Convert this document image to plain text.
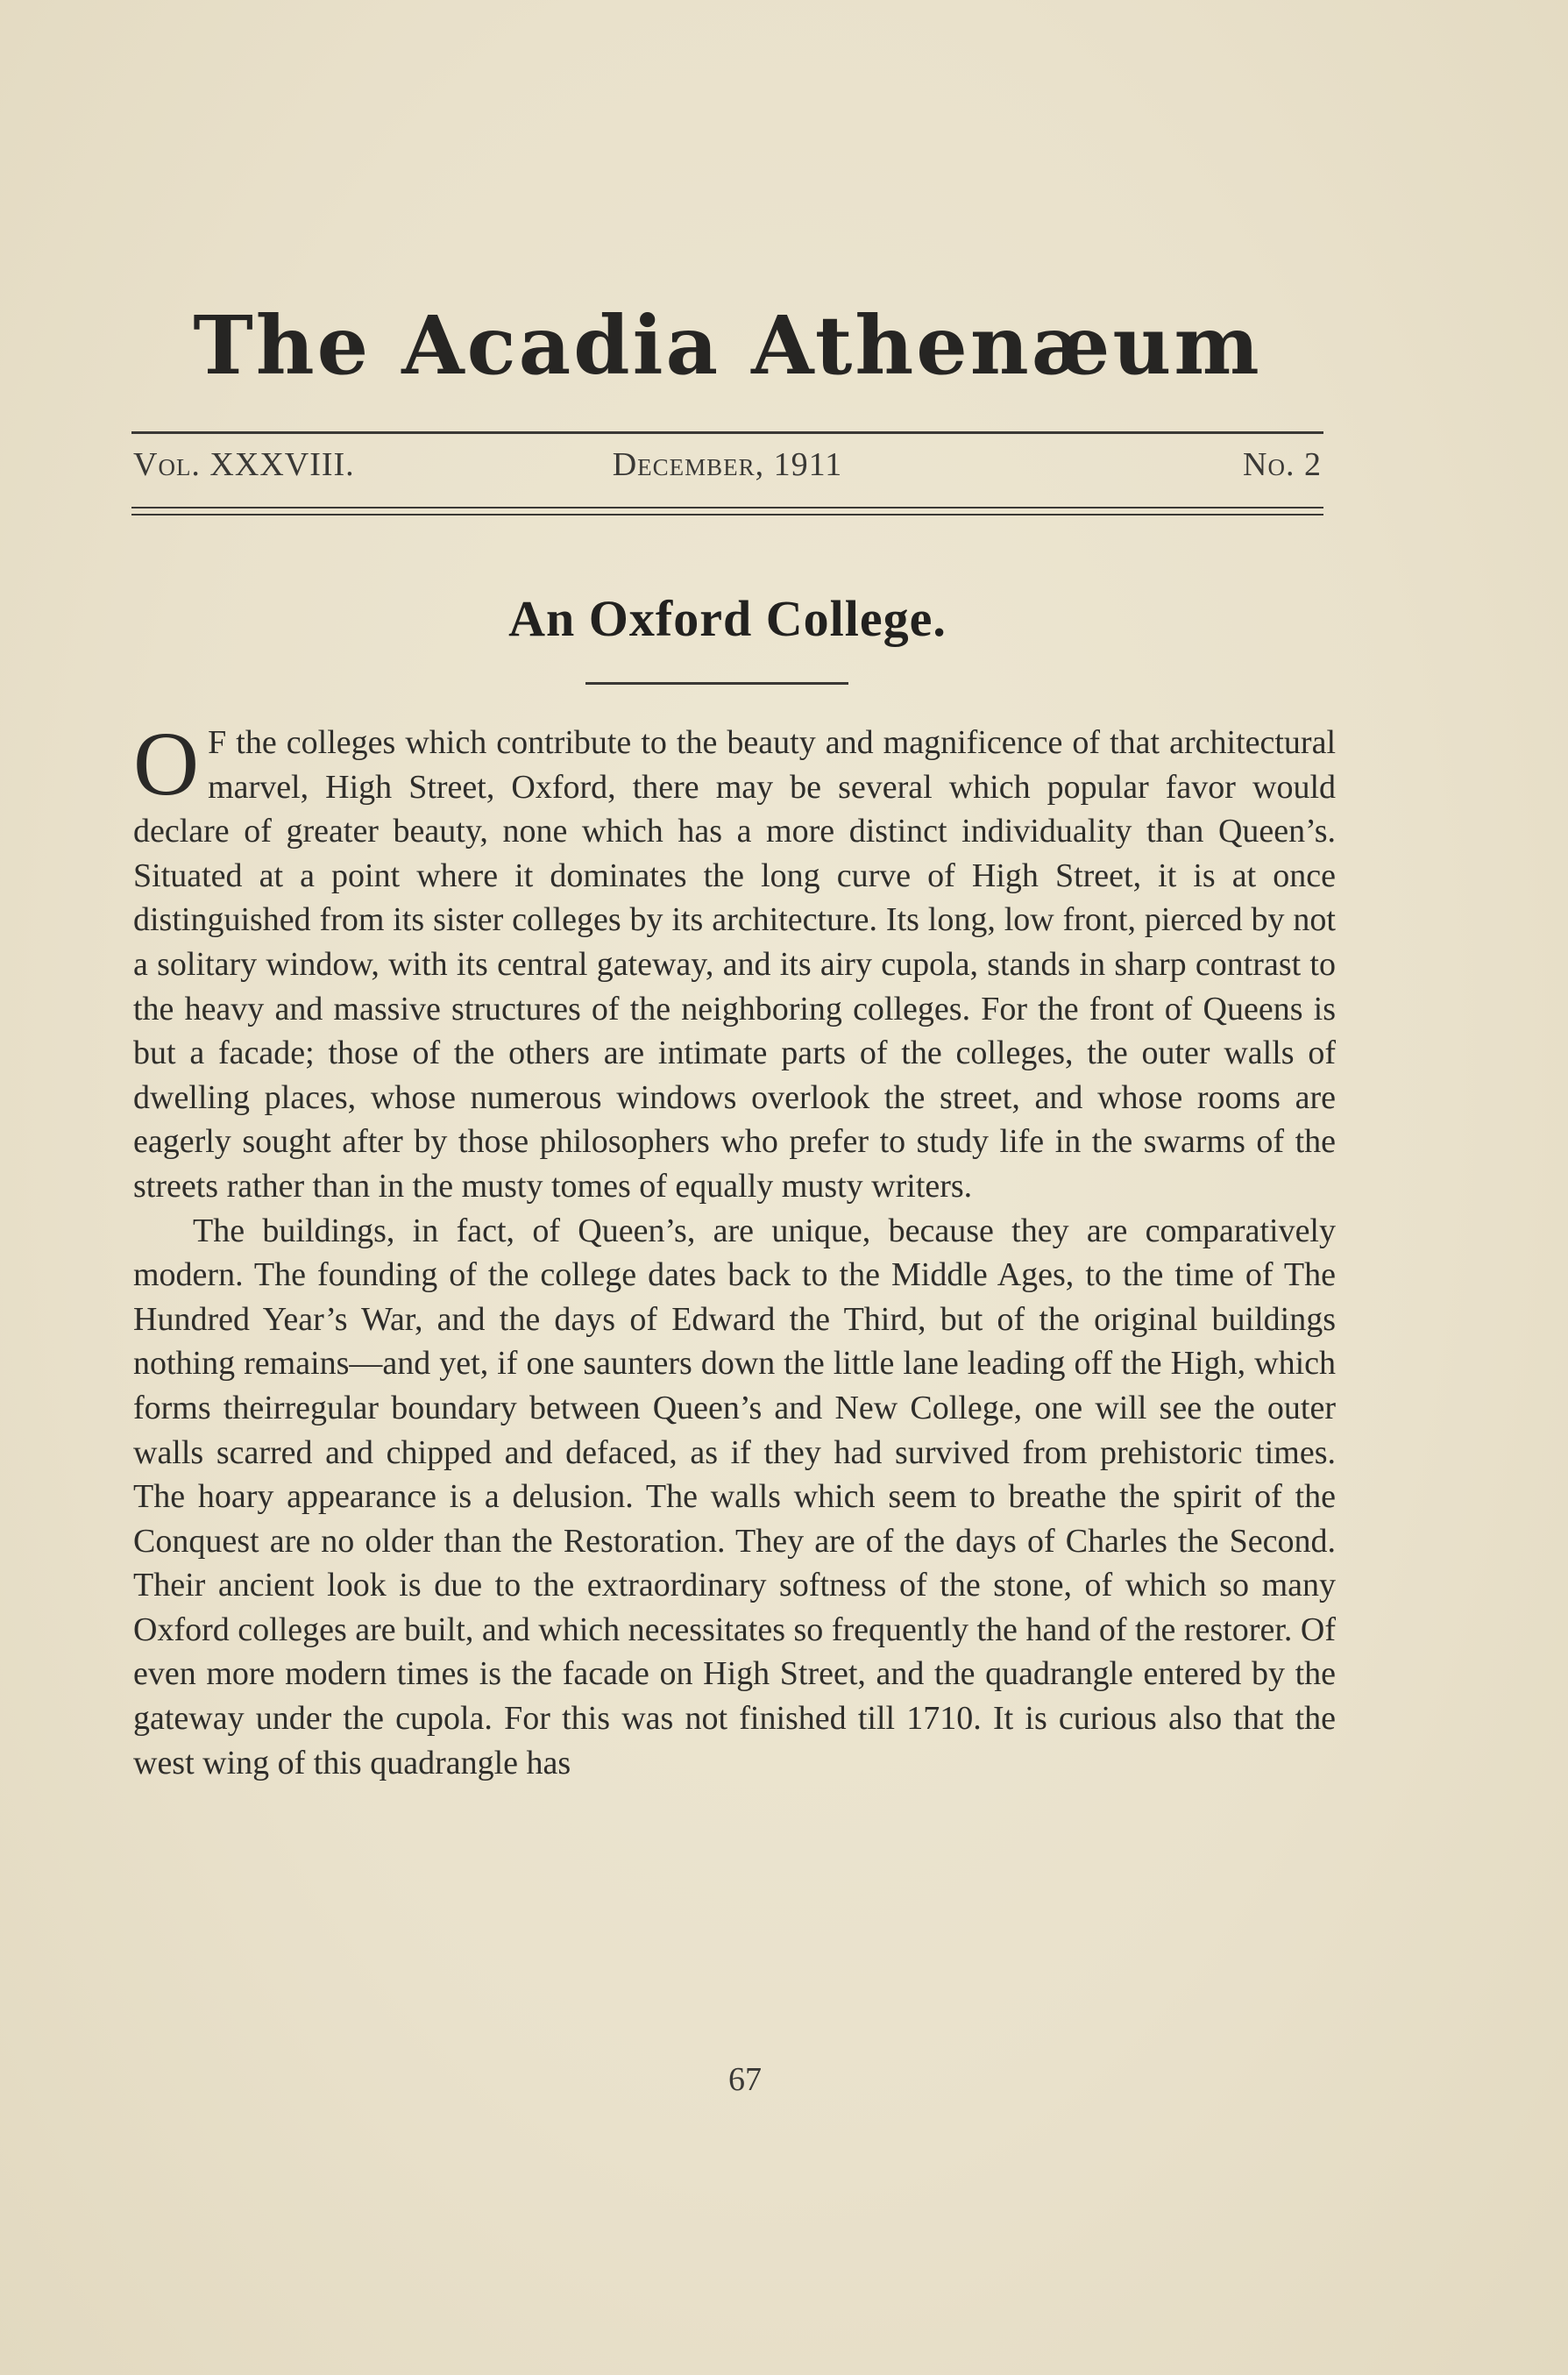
The Acadia Athenæum
Vol. XXXVIII.	December, 1911	No. 2
An Oxford College.

O F the colleges which contribute to the beauty and magnificence of that architectural marvel, High Street, Oxford, there may be several which popular favor would declare of greater beauty, none which has a more distinct individuality than Queen’s. Situated at a point where it dominates the long curve of High Street, it is at once distinguished from its sister colleges by its architecture. Its long, low front, pierced by not a solitary window, with its central gateway, and its airy cupola, stands in sharp contrast to the heavy and massive structures of the neighboring colleges. For the front of Queens is but a facade; those of the others are intimate parts of the colleges, the outer walls of dwelling places, whose numerous windows overlook the street, and whose rooms are eagerly sought after by those philosophers who prefer to study life in the swarms of the streets rather than in the musty tomes of equally musty writers.

The buildings, in fact, of Queen’s, are unique, because they are comparatively modern. The founding of the college dates back to the Middle Ages, to the time of The Hundred Year’s War, and the days of Edward the Third, but of the original buildings nothing remains—and yet, if one saunters down the little lane leading off the High, which forms theirregular boundary between Queen’s and New College, one will see the outer walls scarred and chipped and defaced, as if they had survived from prehistoric times. The hoary appearance is a delusion. The walls which seem to breathe the spirit of the Conquest are no older than the Restoration. They are of the days of Charles the Second. Their ancient look is due to the extraordinary softness of the stone, of which so many Oxford colleges are built, and which necessitates so frequently the hand of the restorer. Of even more modern times is the facade on High Street, and the quadrangle entered by the gateway under the cupola. For this was not finished till 1710. It is curious also that the west wing of this quadrangle has

67
